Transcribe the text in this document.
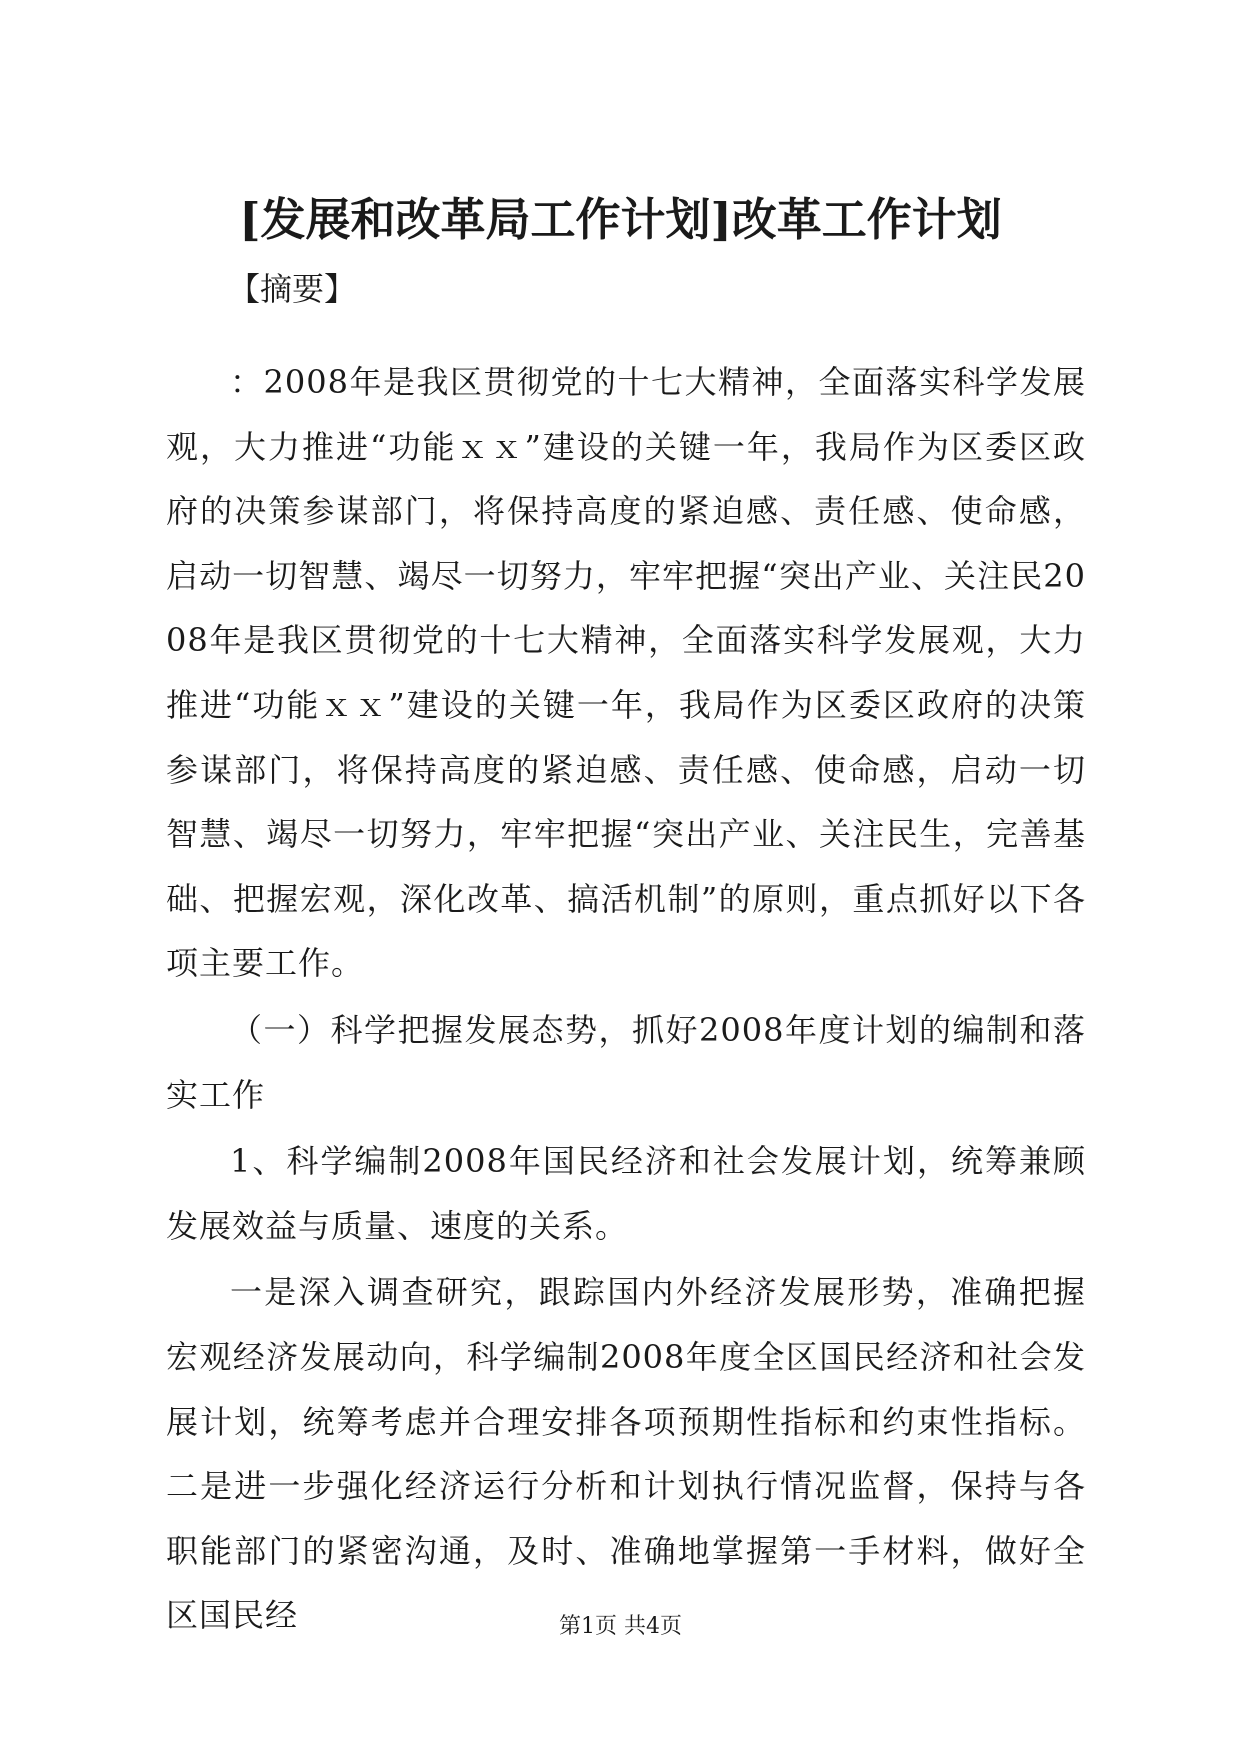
[发展和改革局工作计划]改革工作计划
【摘要】

：2008年是我区贯彻党的十七大精神，全面落实科学发展观，大力推进“功能ｘｘ”建设的关键一年，我局作为区委区政府的决策参谋部门，将保持高度的紧迫感、责任感、使命感，启动一切智慧、竭尽一切努力，牢牢把握“突出产业、关注民2008年是我区贯彻党的十七大精神，全面落实科学发展观，大力推进“功能ｘｘ”建设的关键一年，我局作为区委区政府的决策参谋部门，将保持高度的紧迫感、责任感、使命感，启动一切智慧、竭尽一切努力，牢牢把握“突出产业、关注民生，完善基础、把握宏观，深化改革、搞活机制”的原则，重点抓好以下各项主要工作。

（一）科学把握发展态势，抓好2008年度计划的编制和落实工作

1、科学编制2008年国民经济和社会发展计划，统筹兼顾发展效益与质量、速度的关系。

一是深入调查研究，跟踪国内外经济发展形势，准确把握宏观经济发展动向，科学编制2008年度全区国民经济和社会发展计划，统筹考虑并合理安排各项预期性指标和约束性指标。二是进一步强化经济运行分析和计划执行情况监督，保持与各职能部门的紧密沟通，及时、准确地掌握第一手材料，做好全区国民经	第1页 共4页
